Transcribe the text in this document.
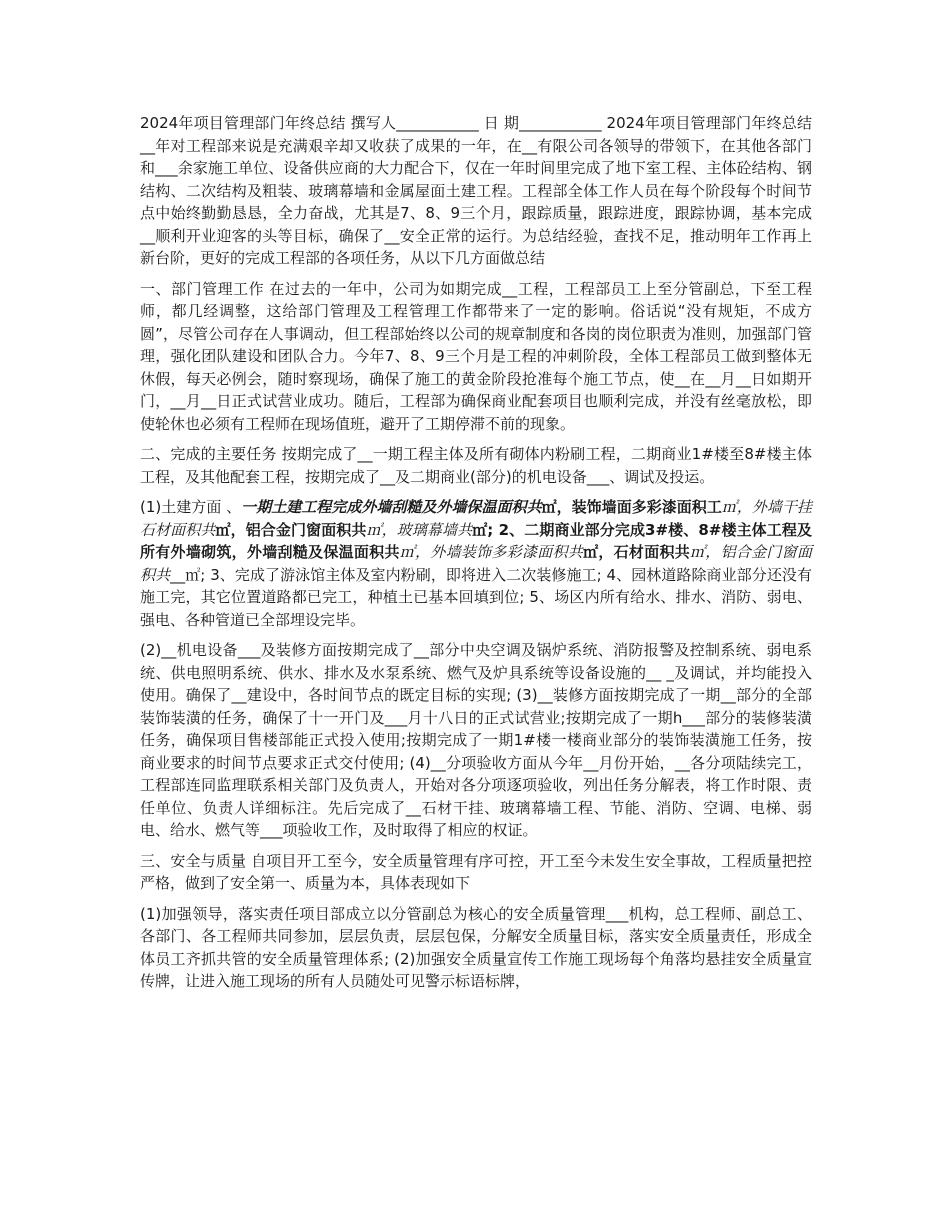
2024年项目管理部门年终总结 撰写人___________ 日 期___________ 2024年项目管理部门年终总结 __年对工程部来说是充满艰辛却又收获了成果的一年，在__有限公司各领导的带领下，在其他各部门和___余家施工单位、设备供应商的大力配合下，仅在一年时间里完成了地下室工程、主体砼结构、钢结构、二次结构及粗装、玻璃幕墙和金属屋面土建工程。工程部全体工作人员在每个阶段每个时间节点中始终勤勤恳恳，全力奋战，尤其是7、8、9三个月，跟踪质量，跟踪进度，跟踪协调，基本完成__顺利开业迎客的头等目标，确保了__安全正常的运行。为总结经验，查找不足，推动明年工作再上新台阶，更好的完成工程部的各项任务，从以下几方面做总结

一、部门管理工作 在过去的一年中，公司为如期完成__工程，工程部员工上至分管副总，下至工程师，都几经调整，这给部门管理及工程管理工作都带来了一定的影响。俗话说“没有规矩，不成方圆”，尽管公司存在人事调动，但工程部始终以公司的规章制度和各岗的岗位职责为准则，加强部门管理，强化团队建设和团队合力。今年7、8、9三个月是工程的冲刺阶段，全体工程部员工做到整体无休假，每天必例会，随时察现场，确保了施工的黄金阶段抢准每个施工节点，使__在__月__日如期开门，__月__日正式试营业成功。随后，工程部为确保商业配套项目也顺利完成，并没有丝毫放松，即使轮休也必须有工程师在现场值班，避开了工期停滞不前的现象。

二、完成的主要任务 按期完成了__一期工程主体及所有砌体内粉刷工程，二期商业1#楼至8#楼主体工程，及其他配套工程，按期完成了__及二期商业(部分)的机电设备___、调试及投运。

(1)土建方面 、一期土建工程完成外墙刮糙及外墙保温面积共㎡，装饰墙面多彩漆面积工㎡，外墙干挂石材面积共㎡，铝合金门窗面积共㎡，玻璃幕墙共㎡; 2、二期商业部分完成3#楼、8#楼主体工程及所有外墙砌筑，外墙刮糙及保温面积共㎡，外墙装饰多彩漆面积共㎡，石材面积共㎡，铝合金门窗面积共__㎡; 3、完成了游泳馆主体及室内粉刷，即将进入二次装修施工; 4、园林道路除商业部分还没有施工完，其它位置道路都已完工，种植土已基本回填到位; 5、场区内所有给水、排水、消防、弱电、强电、各种管道已全部埋设完毕。

(2)__机电设备___及装修方面按期完成了__部分中央空调及锅炉系统、消防报警及控制系统、弱电系统、供电照明系统、供水、排水及水泵系统、燃气及炉具系统等设备设施的__ _及调试，并均能投入使用。确保了__建设中，各时间节点的既定目标的实现; (3)__装修方面按期完成了一期__部分的全部装饰装潢的任务，确保了十一开门及___月十八日的正式试营业;按期完成了一期h___部分的装修装潢任务，确保项目售楼部能正式投入使用;按期完成了一期1#楼一楼商业部分的装饰装潢施工任务，按商业要求的时间节点要求正式交付使用; (4)__分项验收方面从今年__月份开始，__各分项陆续完工，工程部连同监理联系相关部门及负责人，开始对各分项逐项验收，列出任务分解表，将工作时限、责任单位、负责人详细标注。先后完成了__石材干挂、玻璃幕墙工程、节能、消防、空调、电梯、弱电、给水、燃气等___项验收工作，及时取得了相应的权证。

三、安全与质量 自项目开工至今，安全质量管理有序可控，开工至今未发生安全事故，工程质量把控严格，做到了安全第一、质量为本，具体表现如下

(1)加强领导，落实责任项目部成立以分管副总为核心的安全质量管理___机构，总工程师、副总工、各部门、各工程师共同参加，层层负责，层层包保，分解安全质量目标，落实安全质量责任，形成全体员工齐抓共管的安全质量管理体系; (2)加强安全质量宣传工作施工现场每个角落均悬挂安全质量宣传牌，让进入施工现场的所有人员随处可见警示标语标牌，
